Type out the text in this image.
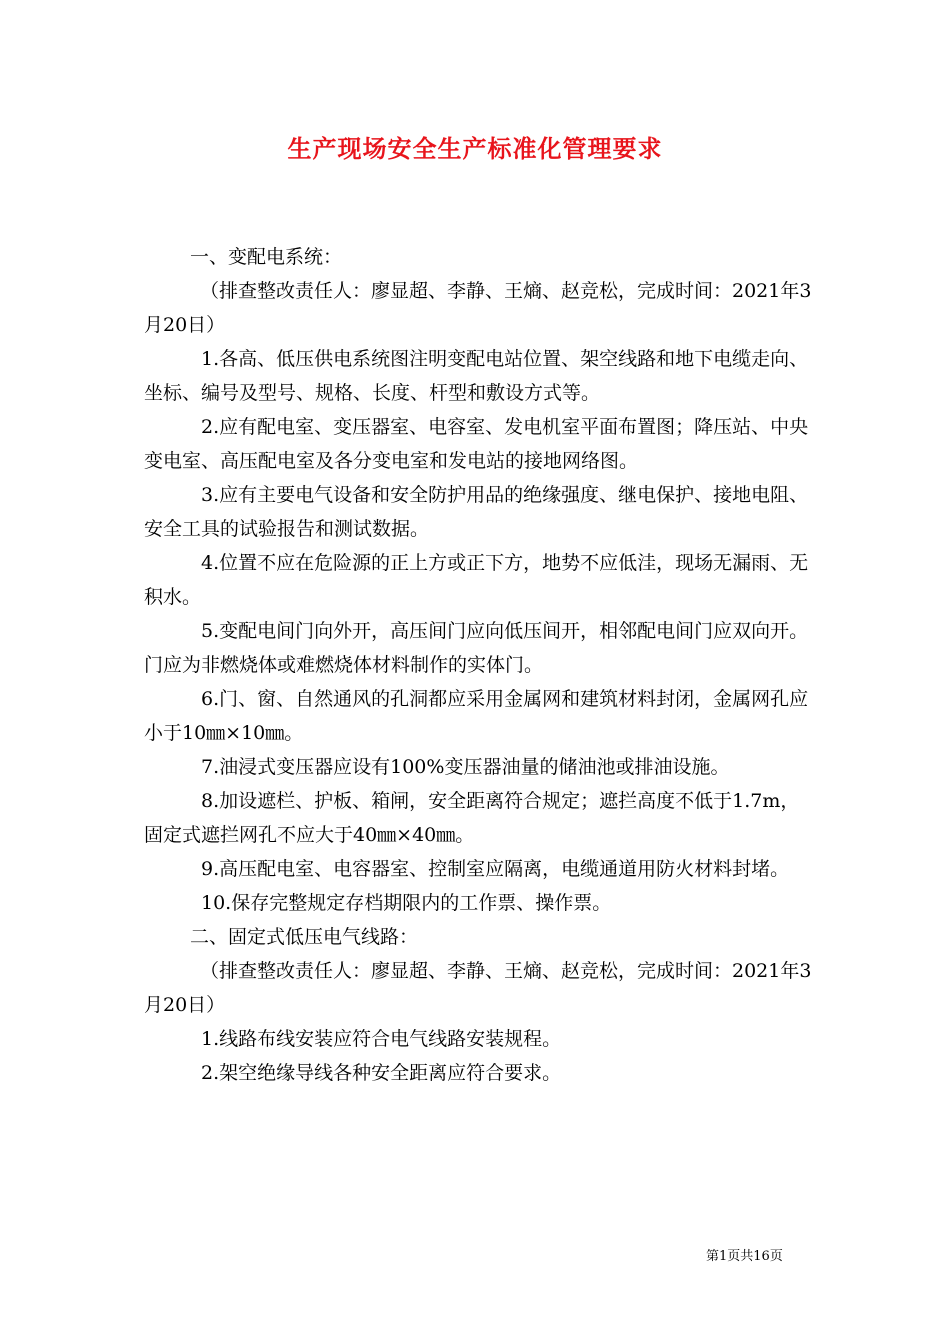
生产现场安全生产标准化管理要求

一、变配电系统：

（排查整改责任人：廖显超、李静、王熵、赵竞松，完成时间：2021年3月20日）

1.各高、低压供电系统图注明变配电站位置、架空线路和地下电缆走向、坐标、编号及型号、规格、长度、杆型和敷设方式等。

2.应有配电室、变压器室、电容室、发电机室平面布置图；降压站、中央变电室、高压配电室及各分变电室和发电站的接地网络图。

3.应有主要电气设备和安全防护用品的绝缘强度、继电保护、接地电阻、安全工具的试验报告和测试数据。

4.位置不应在危险源的正上方或正下方，地势不应低洼，现场无漏雨、无积水。

5.变配电间门向外开，高压间门应向低压间开，相邻配电间门应双向开。门应为非燃烧体或难燃烧体材料制作的实体门。

6.门、窗、自然通风的孔洞都应采用金属网和建筑材料封闭，金属网孔应小于10㎜×10㎜。

7.油浸式变压器应设有100%变压器油量的储油池或排油设施。

8.加设遮栏、护板、箱闸，安全距离符合规定；遮拦高度不低于1.7m，固定式遮拦网孔不应大于40㎜×40㎜。

9.高压配电室、电容器室、控制室应隔离，电缆通道用防火材料封堵。

10.保存完整规定存档期限内的工作票、操作票。

二、固定式低压电气线路：

（排查整改责任人：廖显超、李静、王熵、赵竞松，完成时间：2021年3月20日）

1.线路布线安装应符合电气线路安装规程。

2.架空绝缘导线各种安全距离应符合要求。

第1页共16页
